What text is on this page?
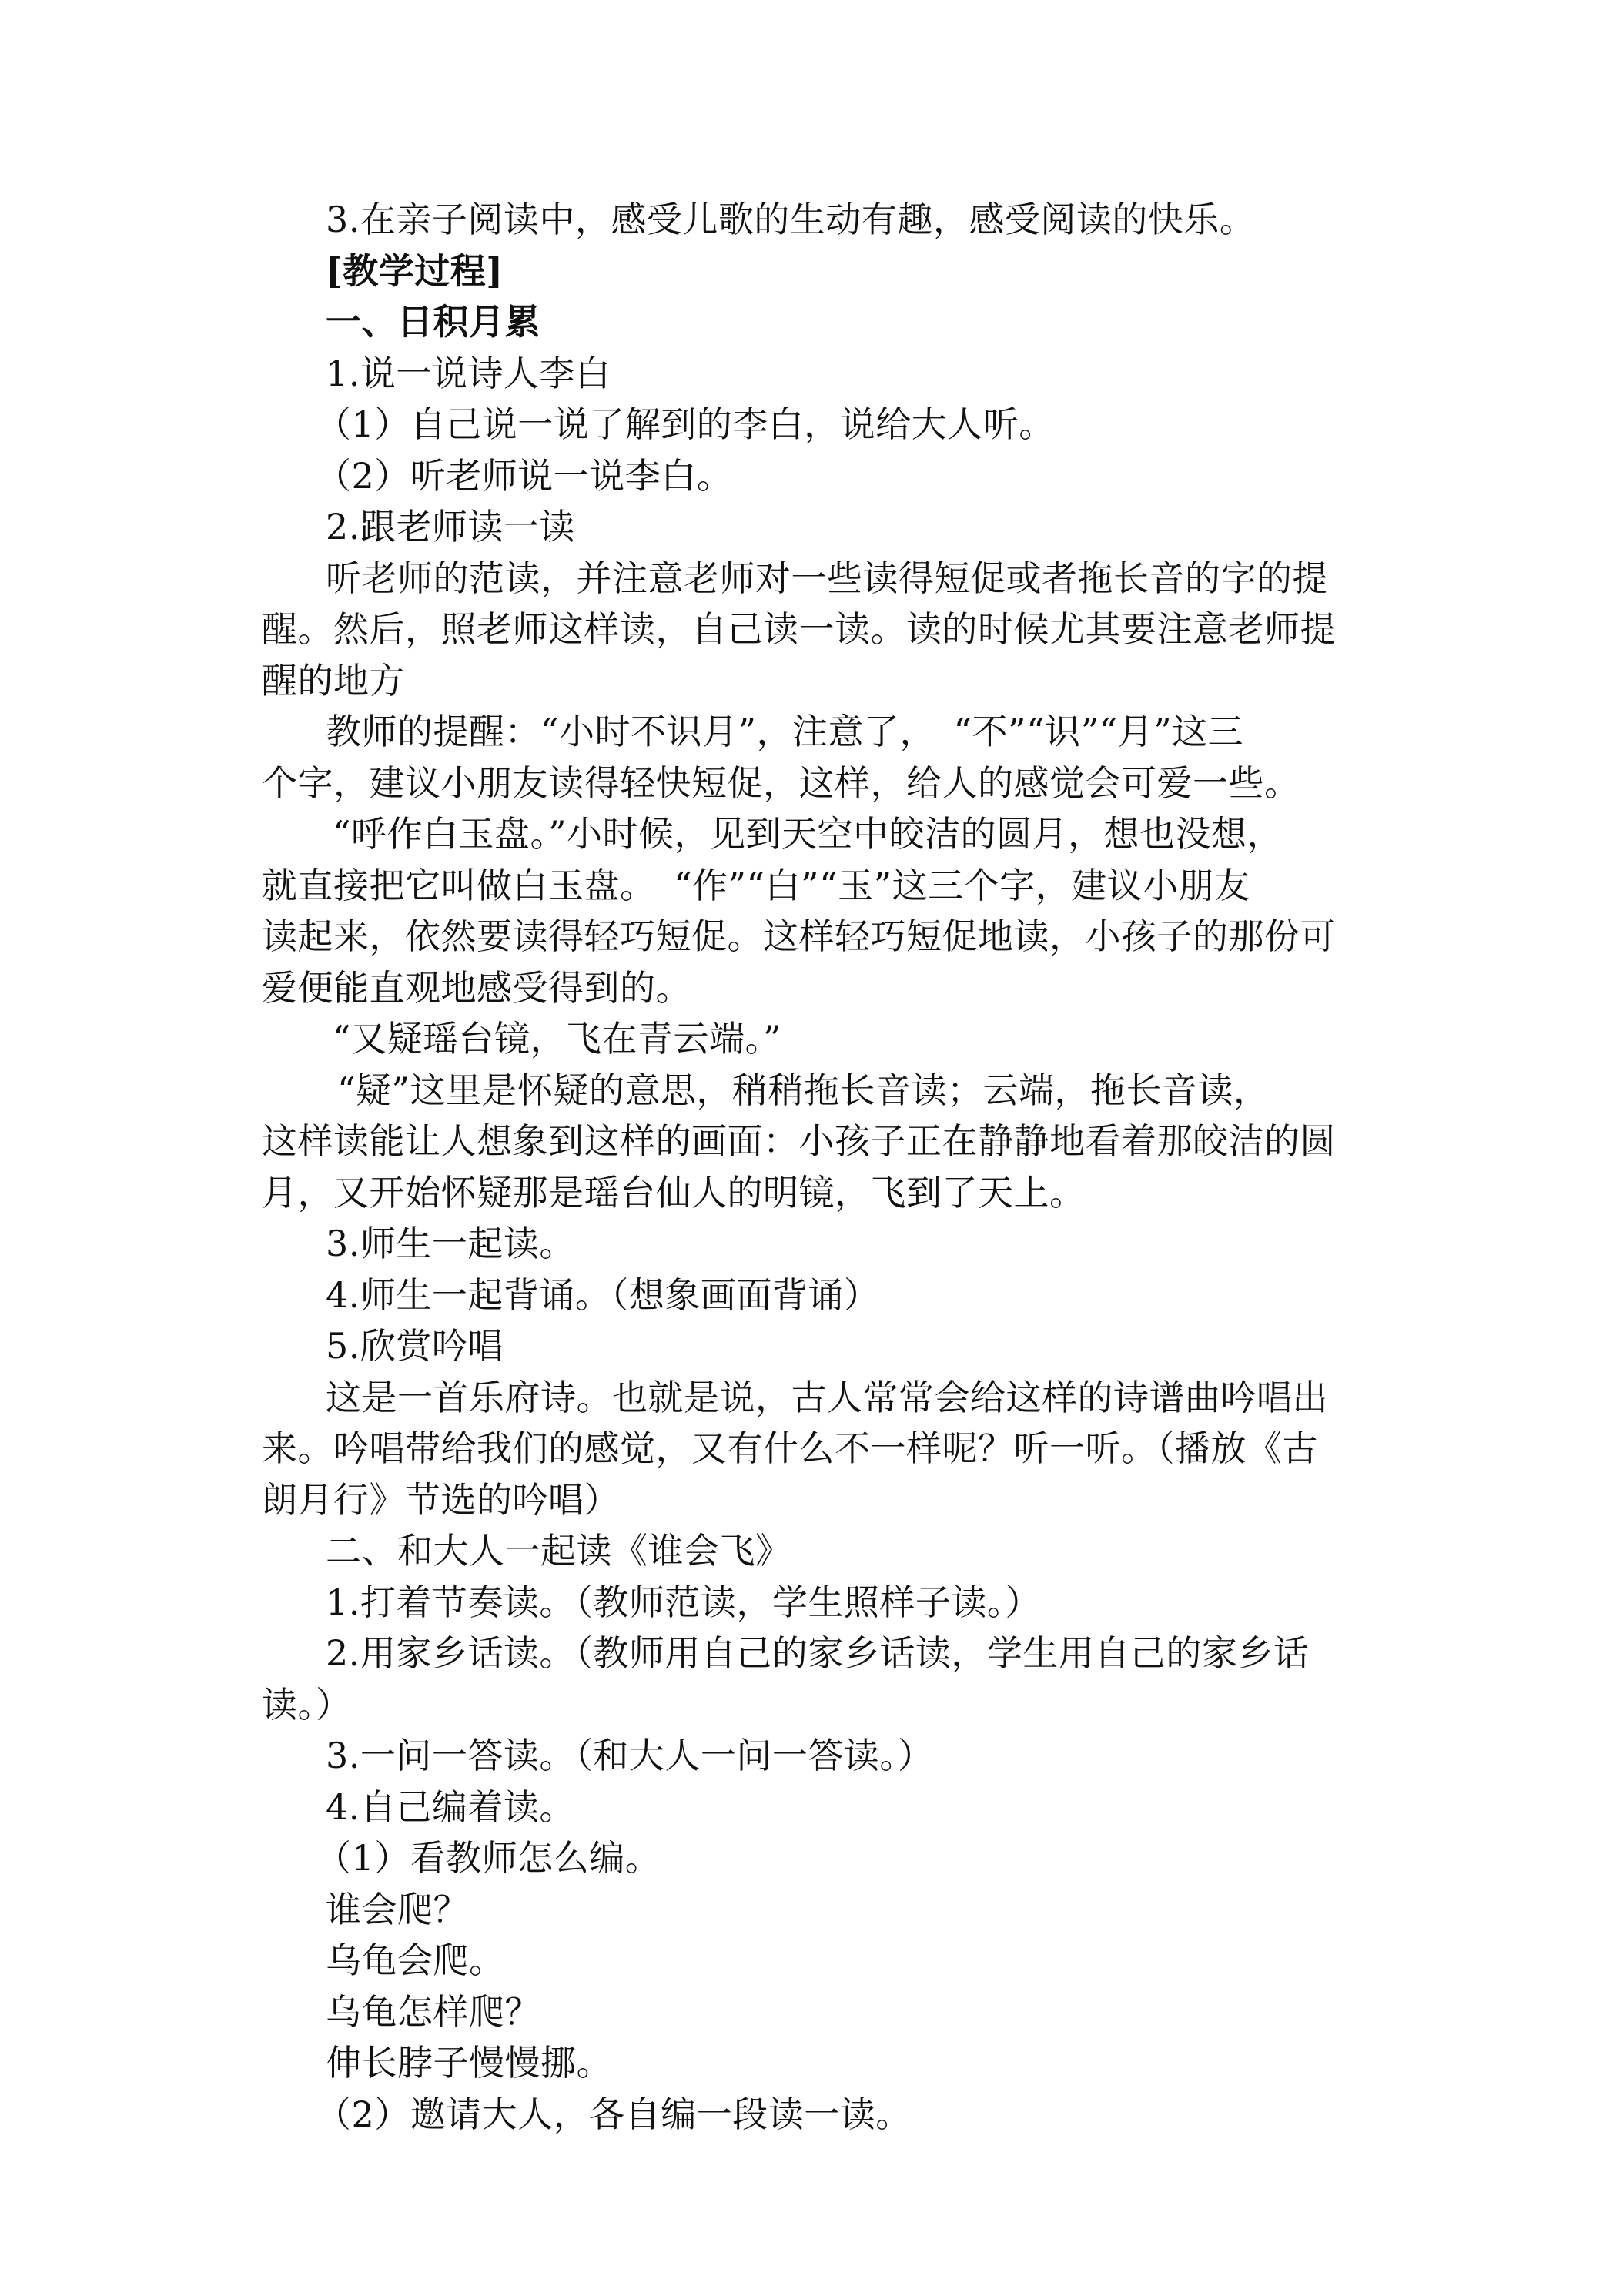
3.在亲子阅读中，感受儿歌的生动有趣，感受阅读的快乐。
[教学过程]
一、日积月累
1.说一说诗人李白
（1）自己说一说了解到的李白，说给大人听。
（2）听老师说一说李白。
2.跟老师读一读
听老师的范读，并注意老师对一些读得短促或者拖长音的字的提
醒。然后，照老师这样读，自己读一读。读的时候尤其要注意老师提
醒的地方
教师的提醒：“小时不识月”，注意了，　“不”“识”“月”这三
个字，建议小朋友读得轻快短促，这样，给人的感觉会可爱一些。
“呼作白玉盘。”小时候，见到天空中皎洁的圆月，想也没想，
就直接把它叫做白玉盘。　“作”“白”“玉”这三个字，建议小朋友
读起来，依然要读得轻巧短促。这样轻巧短促地读，小孩子的那份可
爱便能直观地感受得到的。
“又疑瑶台镜，飞在青云端。”
“疑”这里是怀疑的意思，稍稍拖长音读；云端，拖长音读，
这样读能让人想象到这样的画面：小孩子正在静静地看着那皎洁的圆
月，又开始怀疑那是瑶台仙人的明镜，飞到了天上。
3.师生一起读。
4.师生一起背诵。（想象画面背诵）
5.欣赏吟唱
这是一首乐府诗。也就是说，古人常常会给这样的诗谱曲吟唱出
来。吟唱带给我们的感觉，又有什么不一样呢？听一听。（播放《古
朗月行》节选的吟唱）
二、和大人一起读《谁会飞》
1.打着节奏读。（教师范读，学生照样子读。）
2.用家乡话读。（教师用自己的家乡话读，学生用自己的家乡话
读。）
3.一问一答读。（和大人一问一答读。）
4.自己编着读。
（1）看教师怎么编。
谁会爬？
乌龟会爬。
乌龟怎样爬？
伸长脖子慢慢挪。
（2）邀请大人，各自编一段读一读。
